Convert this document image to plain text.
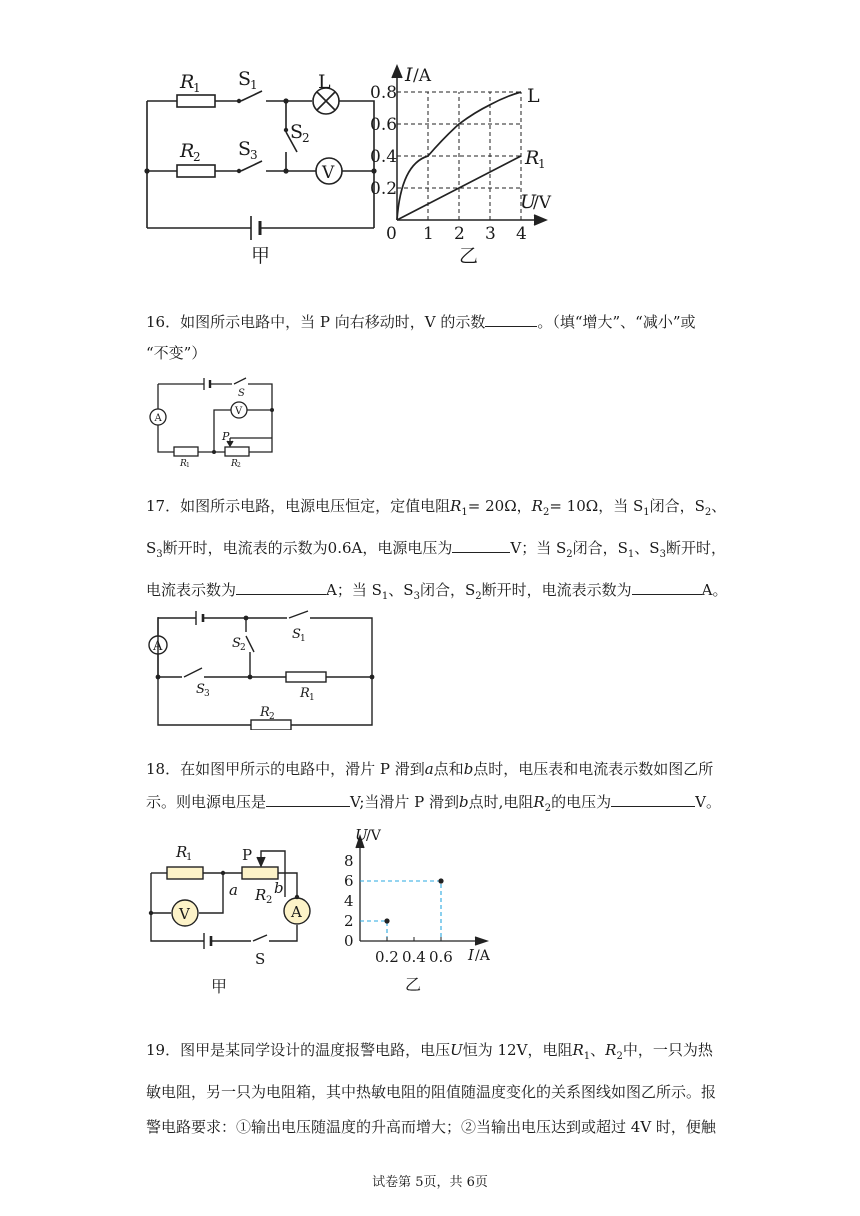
R
1 S
1	L
S
2
R
2 S
3
V
甲
0.8
0.6
0.4
0.2
0 1 2 3 4
I /A
U
/V
L
R
1
乙
16．如图所示电路中，当 P 向右移动时，V 的示数	。（填“增大”、“减小”或
“不变”）
S
A
V
P
R 1	R 2
17．如图所示电路，电源电压恒定，定值电阻$R_1= 20\Omega$，$R_2= 10\Omega$，当 $S_1$闭合，$S_2$、
$S_3$断开时，电流表的示数为0.6A，电源电压为	V；当 $S_2$闭合，$S_1$、$S_3$断开时，
电流表示数为	A；当 $S_1$、$S_3$闭合，$S_2$断开时，电流表示数为	A。
A
S 1
S 2
S 3	R 1
R 2
18．在如图甲所示的电路中，滑片 P 滑到a点和b点时，电压表和电流表示数如图乙所
示。则电源电压是	V;当滑片 P 滑到b点时,电阻$R_2$的电压为	V。
R
1	P
a R 2
b
V	A
S
甲
8
6
4
2
0
0.2 0.4 0.6
U
/V
I /A
乙
19．图甲是某同学设计的温度报警电路，电压U恒为 12V，电阻$R_1$、$R_2$中，一只为热
敏电阻，另一只为电阻箱，其中热敏电阻的阻值随温度变化的关系图线如图乙所示。报
警电路要求：①输出电压随温度的升高而增大；②当输出电压达到或超过 4V 时，便触
试卷第 5页，共 6页
